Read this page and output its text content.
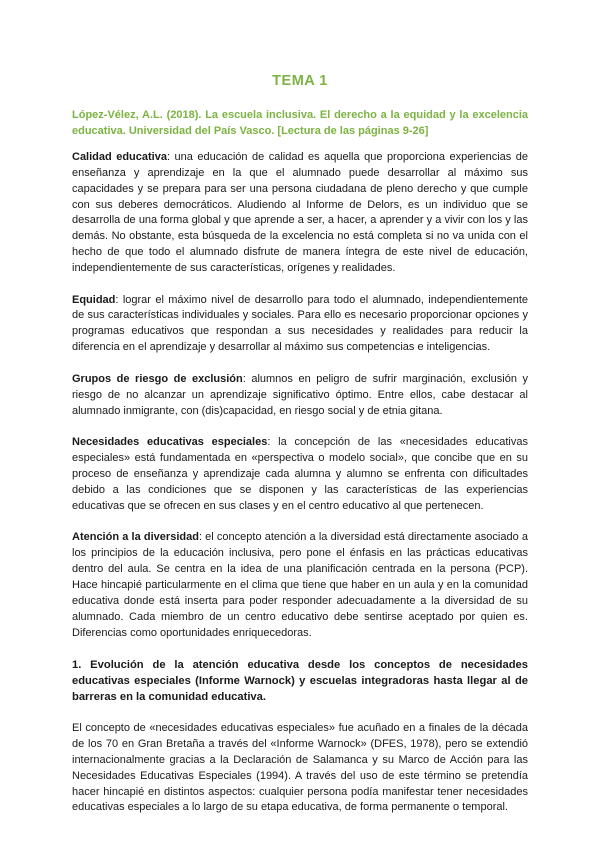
TEMA 1
López-Vélez, A.L. (2018). La escuela inclusiva. El derecho a la equidad y la excelencia educativa. Universidad del País Vasco. [Lectura de las páginas 9-26]

Calidad educativa: una educación de calidad es aquella que proporciona experiencias de enseñanza y aprendizaje en la que el alumnado puede desarrollar al máximo sus capacidades y se prepara para ser una persona ciudadana de pleno derecho y que cumple con sus deberes democráticos. Aludiendo al Informe de Delors, es un individuo que se desarrolla de una forma global y que aprende a ser, a hacer, a aprender y a vivir con los y las demás. No obstante, esta búsqueda de la excelencia no está completa si no va unida con el hecho de que todo el alumnado disfrute de manera íntegra de este nivel de educación, independientemente de sus características, orígenes y realidades.

Equidad: lograr el máximo nivel de desarrollo para todo el alumnado, independientemente de sus características individuales y sociales. Para ello es necesario proporcionar opciones y programas educativos que respondan a sus necesidades y realidades para reducir la diferencia en el aprendizaje y desarrollar al máximo sus competencias e inteligencias.

Grupos de riesgo de exclusión: alumnos en peligro de sufrir marginación, exclusión y riesgo de no alcanzar un aprendizaje significativo óptimo. Entre ellos, cabe destacar al alumnado inmigrante, con (dis)capacidad, en riesgo social y de etnia gitana.

Necesidades educativas especiales: la concepción de las «necesidades educativas especiales» está fundamentada en «perspectiva o modelo social», que concibe que en su proceso de enseñanza y aprendizaje cada alumna y alumno se enfrenta con dificultades debido a las condiciones que se disponen y las características de las experiencias educativas que se ofrecen en sus clases y en el centro educativo al que pertenecen.

Atención a la diversidad: el concepto atención a la diversidad está directamente asociado a los principios de la educación inclusiva, pero pone el énfasis en las prácticas educativas dentro del aula. Se centra en la idea de una planificación centrada en la persona (PCP). Hace hincapié particularmente en el clima que tiene que haber en un aula y en la comunidad educativa donde está inserta para poder responder adecuadamente a la diversidad de su alumnado. Cada miembro de un centro educativo debe sentirse aceptado por quien es. Diferencias como oportunidades enriquecedoras.

1. Evolución de la atención educativa desde los conceptos de necesidades educativas especiales (Informe Warnock) y escuelas integradoras hasta llegar al de barreras en la comunidad educativa.

El concepto de «necesidades educativas especiales» fue acuñado en a finales de la década de los 70 en Gran Bretaña a través del «Informe Warnock» (DFES, 1978), pero se extendió internacionalmente gracias a la Declaración de Salamanca y su Marco de Acción para las Necesidades Educativas Especiales (1994). A través del uso de este término se pretendía hacer hincapié en distintos aspectos: cualquier persona podía manifestar tener necesidades educativas especiales a lo largo de su etapa educativa, de forma permanente o temporal.
